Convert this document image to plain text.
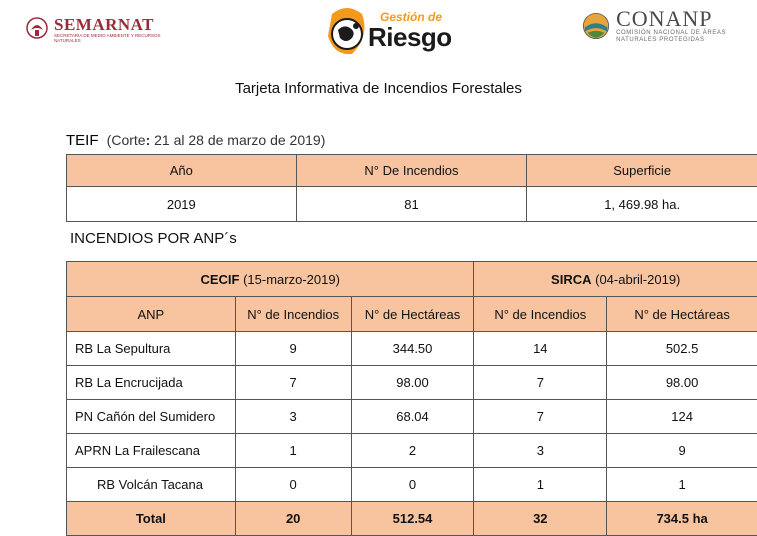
SEMARNAT
SECRETARÍA DE MEDIO AMBIENTE Y RECURSOS NATURALES
Gestión de
Riesgo
CONANP
COMISIÓN NACIONAL DE ÁREAS NATURALES PROTEGIDAS
Tarjeta Informativa de Incendios Forestales
TEIF (Corte: 21 al 28 de marzo de 2019)
Año	N° De Incendios	Superficie
2019	81	1, 469.98 ha.
INCENDIOS POR ANP´s
CECIF (15-marzo-2019)			SIRCA (04-abril-2019)	
ANP	N° de Incendios	N° de Hectáreas	N° de Incendios	N° de Hectáreas
RB La Sepultura	9	344.50	14	502.5
RB La Encrucijada	7	98.00	7	98.00
PN Cañón del Sumidero	3	68.04	7	124
APRN La Frailescana	1	2	3	9
RB Volcán Tacana	0	0	1	1
Total	20	512.54	32	734.5 ha
